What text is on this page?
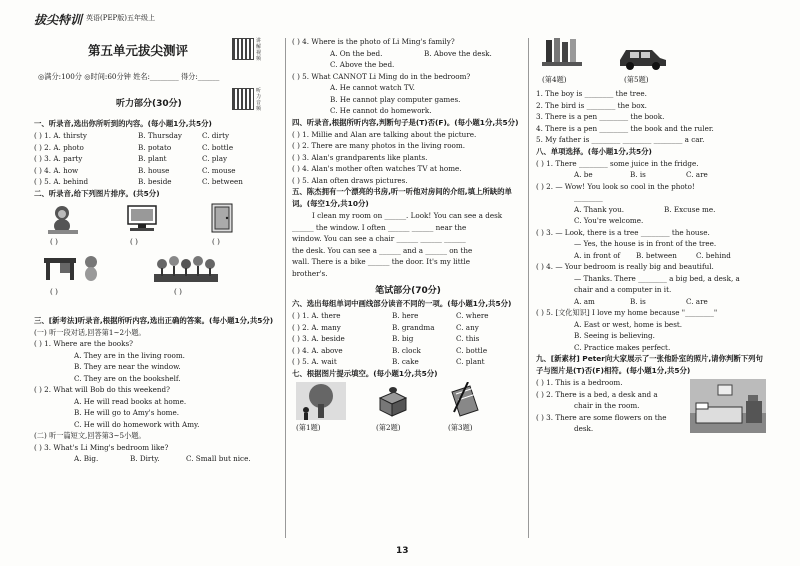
拔尖特训 英语(PEP版)五年级上
第五单元拔尖测评
讲解视频
听力音频
◎满分:100分 ◎时间:60分钟 姓名:________ 得分:______
听力部分(30分)
一、听录音,选出你所听到的内容。(每小题1分,共5分)
( ) 1. A. thirsty	B. Thursday	C. dirty
( ) 2. A. photo	B. potato	C. bottle
( ) 3. A. party	B. plant	C. play
( ) 4. A. how	B. house	C. mouse
( ) 5. A. behind	B. beside	C. between
二、听录音,给下列图片排序。(共5分)
( )	( )	( )
( )	( )
三、[新考法]听录音,根据所听内容,选出正确的答案。(每小题1分,共5分)
(一) 听一段对话,回答第1~2小题。
( ) 1. Where are the books?
A. They are in the living room.
B. They are near the window.
C. They are on the bookshelf.
( ) 2. What will Bob do this weekend?
A. He will read books at home.
B. He will go to Amy's home.
C. He will do homework with Amy.
(二) 听一篇短文,回答第3~5小题。
( ) 3. What's Li Ming's bedroom like?
A. Big.	B. Dirty.	C. Small but nice.
( ) 4. Where is the photo of Li Ming's family?
A. On the bed.	B. Above the desk.
C. Above the bed.
( ) 5. What CANNOT Li Ming do in the bedroom?
A. He cannot watch TV.
B. He cannot play computer games.
C. He cannot do homework.
四、听录音,根据所听内容,判断句子是(T)否(F)。(每小题1分,共5分)
( ) 1. Millie and Alan are talking about the picture.
( ) 2. There are many photos in the living room.
( ) 3. Alan's grandparents like plants.
( ) 4. Alan's mother often watches TV at home.
( ) 5. Alan often draws pictures.
五、陈杰拥有一个漂亮的书房,听一听他对房间的介绍,填上所缺的单词。(每空1分,共10分)
I clean my room on ______. Look! You can see a desk
______ the window. I often ______ ______ near the
window. You can see a chair ______ ______ ______
the desk. You can see a ______ and a ______ on the
wall. There is a bike ______ the door. It's my little
brother's.
笔试部分(70分)
六、选出每组单词中画线部分读音不同的一项。(每小题1分,共5分)
( ) 1. A. there	B. here	C. where
( ) 2. A. many	B. grandma	C. any
( ) 3. A. beside	B. big	C. this
( ) 4. A. above	B. clock	C. bottle
( ) 5. A. wait	B. cake	C. plant
七、根据图片提示填空。(每小题1分,共5分)
(第1题)	(第2题)	(第3题)
(第4题)	(第5题)
1. The boy is ________ the tree.
2. The bird is ________ the box.
3. There is a pen ________ the book.
4. There is a pen ________ the book and the ruler.
5. My father is ________ ________ ________ a car.
八、单项选择。(每小题1分,共5分)
( ) 1. There ________ some juice in the fridge.
A. be	B. is	C. are
( ) 2. — Wow! You look so cool in the photo!
________
A. Thank you.	B. Excuse me.
C. You're welcome.
( ) 3. — Look, there is a tree ________ the house.
— Yes, the house is in front of the tree.
A. in front of	B. between	C. behind
( ) 4. — Your bedroom is really big and beautiful.
— Thanks. There ________ a big bed, a desk, a
chair and a computer in it.
A. am	B. is	C. are
( ) 5. [文化知识] I love my home because "________"
A. East or west, home is best.
B. Seeing is believing.
C. Practice makes perfect.
九、[新素材] Peter向大家展示了一张他卧室的照片,请你判断下列句子与图片是(T)否(F)相符。(每小题1分,共5分)
( ) 1. This is a bedroom.
( ) 2. There is a bed, a desk and a
chair in the room.
( ) 3. There are some flowers on the
desk.
13
